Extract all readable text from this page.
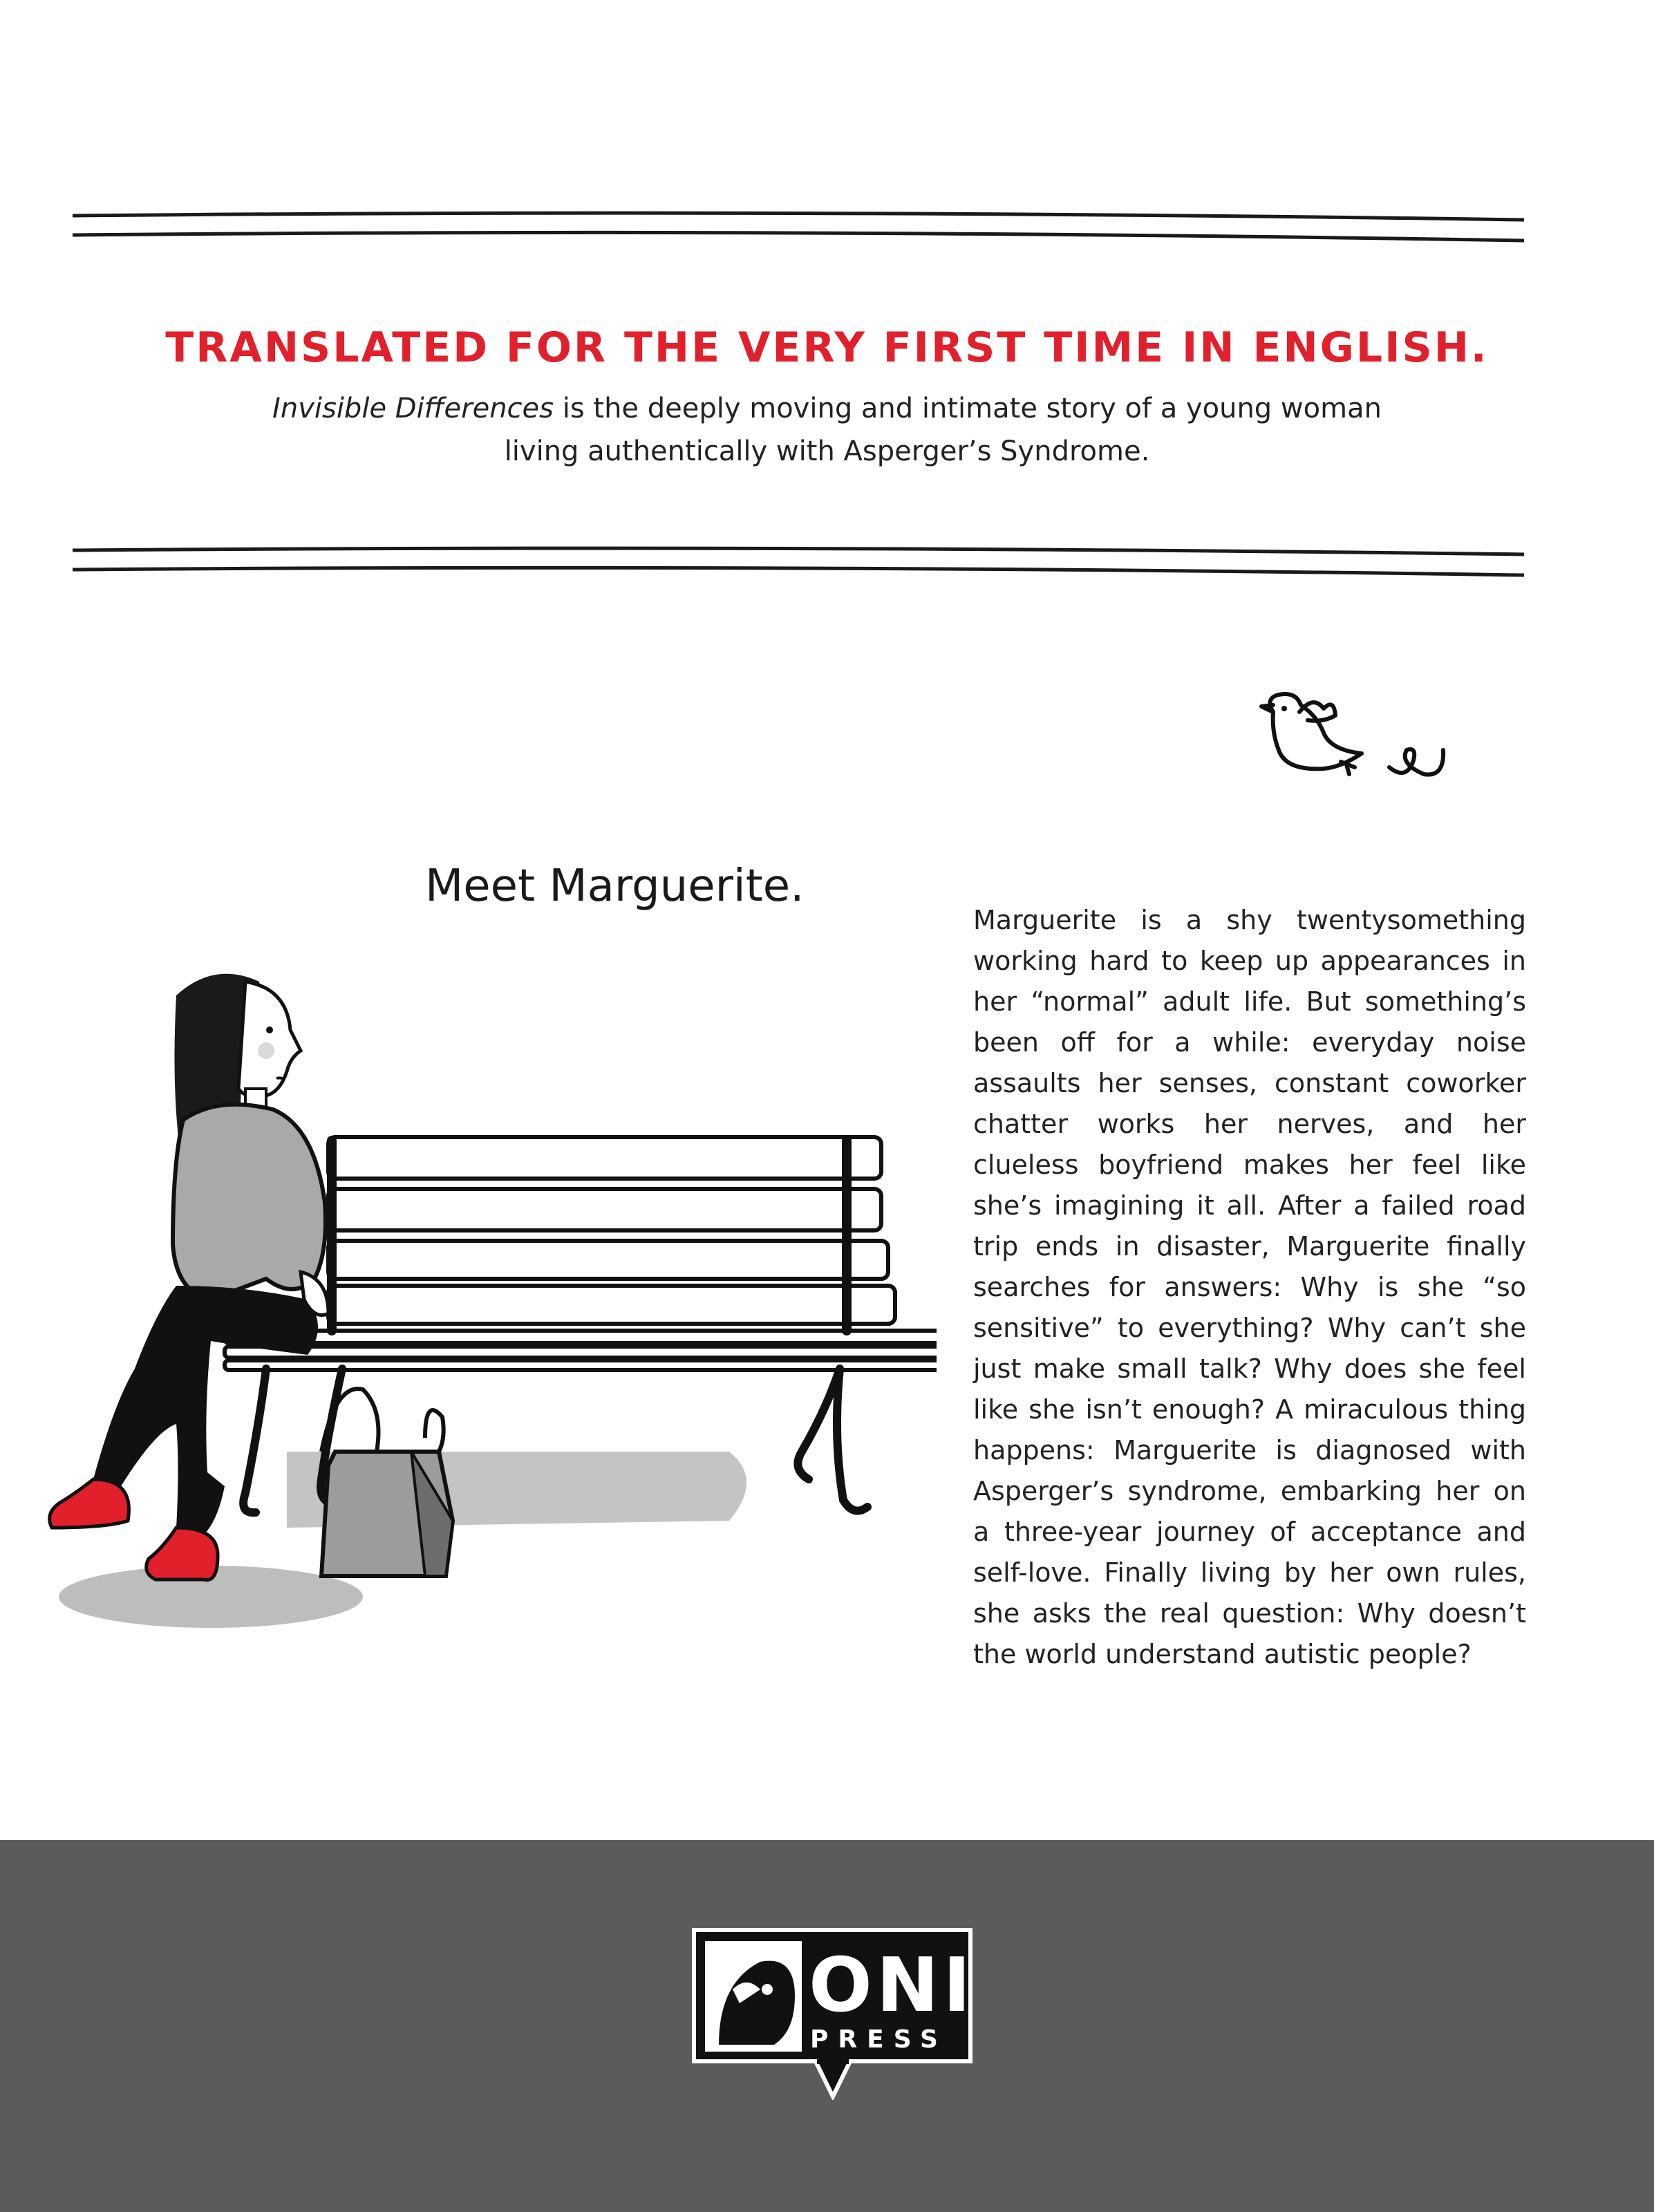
TRANSLATED FOR THE VERY FIRST TIME IN ENGLISH.
Invisible Differences is the deeply moving and intimate story of a young woman living authentically with Asperger’s Syndrome.
Meet Marguerite.
Marguerite is a shy twentysomething working hard to keep up appearances in her “normal” adult life. But something’s been off for a while: everyday noise assaults her senses, constant coworker chatter works her nerves, and her clueless boyfriend makes her feel like she’s imagining it all. After a failed road trip ends in disaster, Marguerite finally searches for answers: Why is she “so sensitive” to everything? Why can’t she just make small talk? Why does she feel like she isn’t enough? A miraculous thing happens: Marguerite is diagnosed with Asperger’s syndrome, embarking her on a three-year journey of acceptance and self-love. Finally living by her own rules, she asks the real question: Why doesn’t the world understand autistic people?
ONI
PRESS
